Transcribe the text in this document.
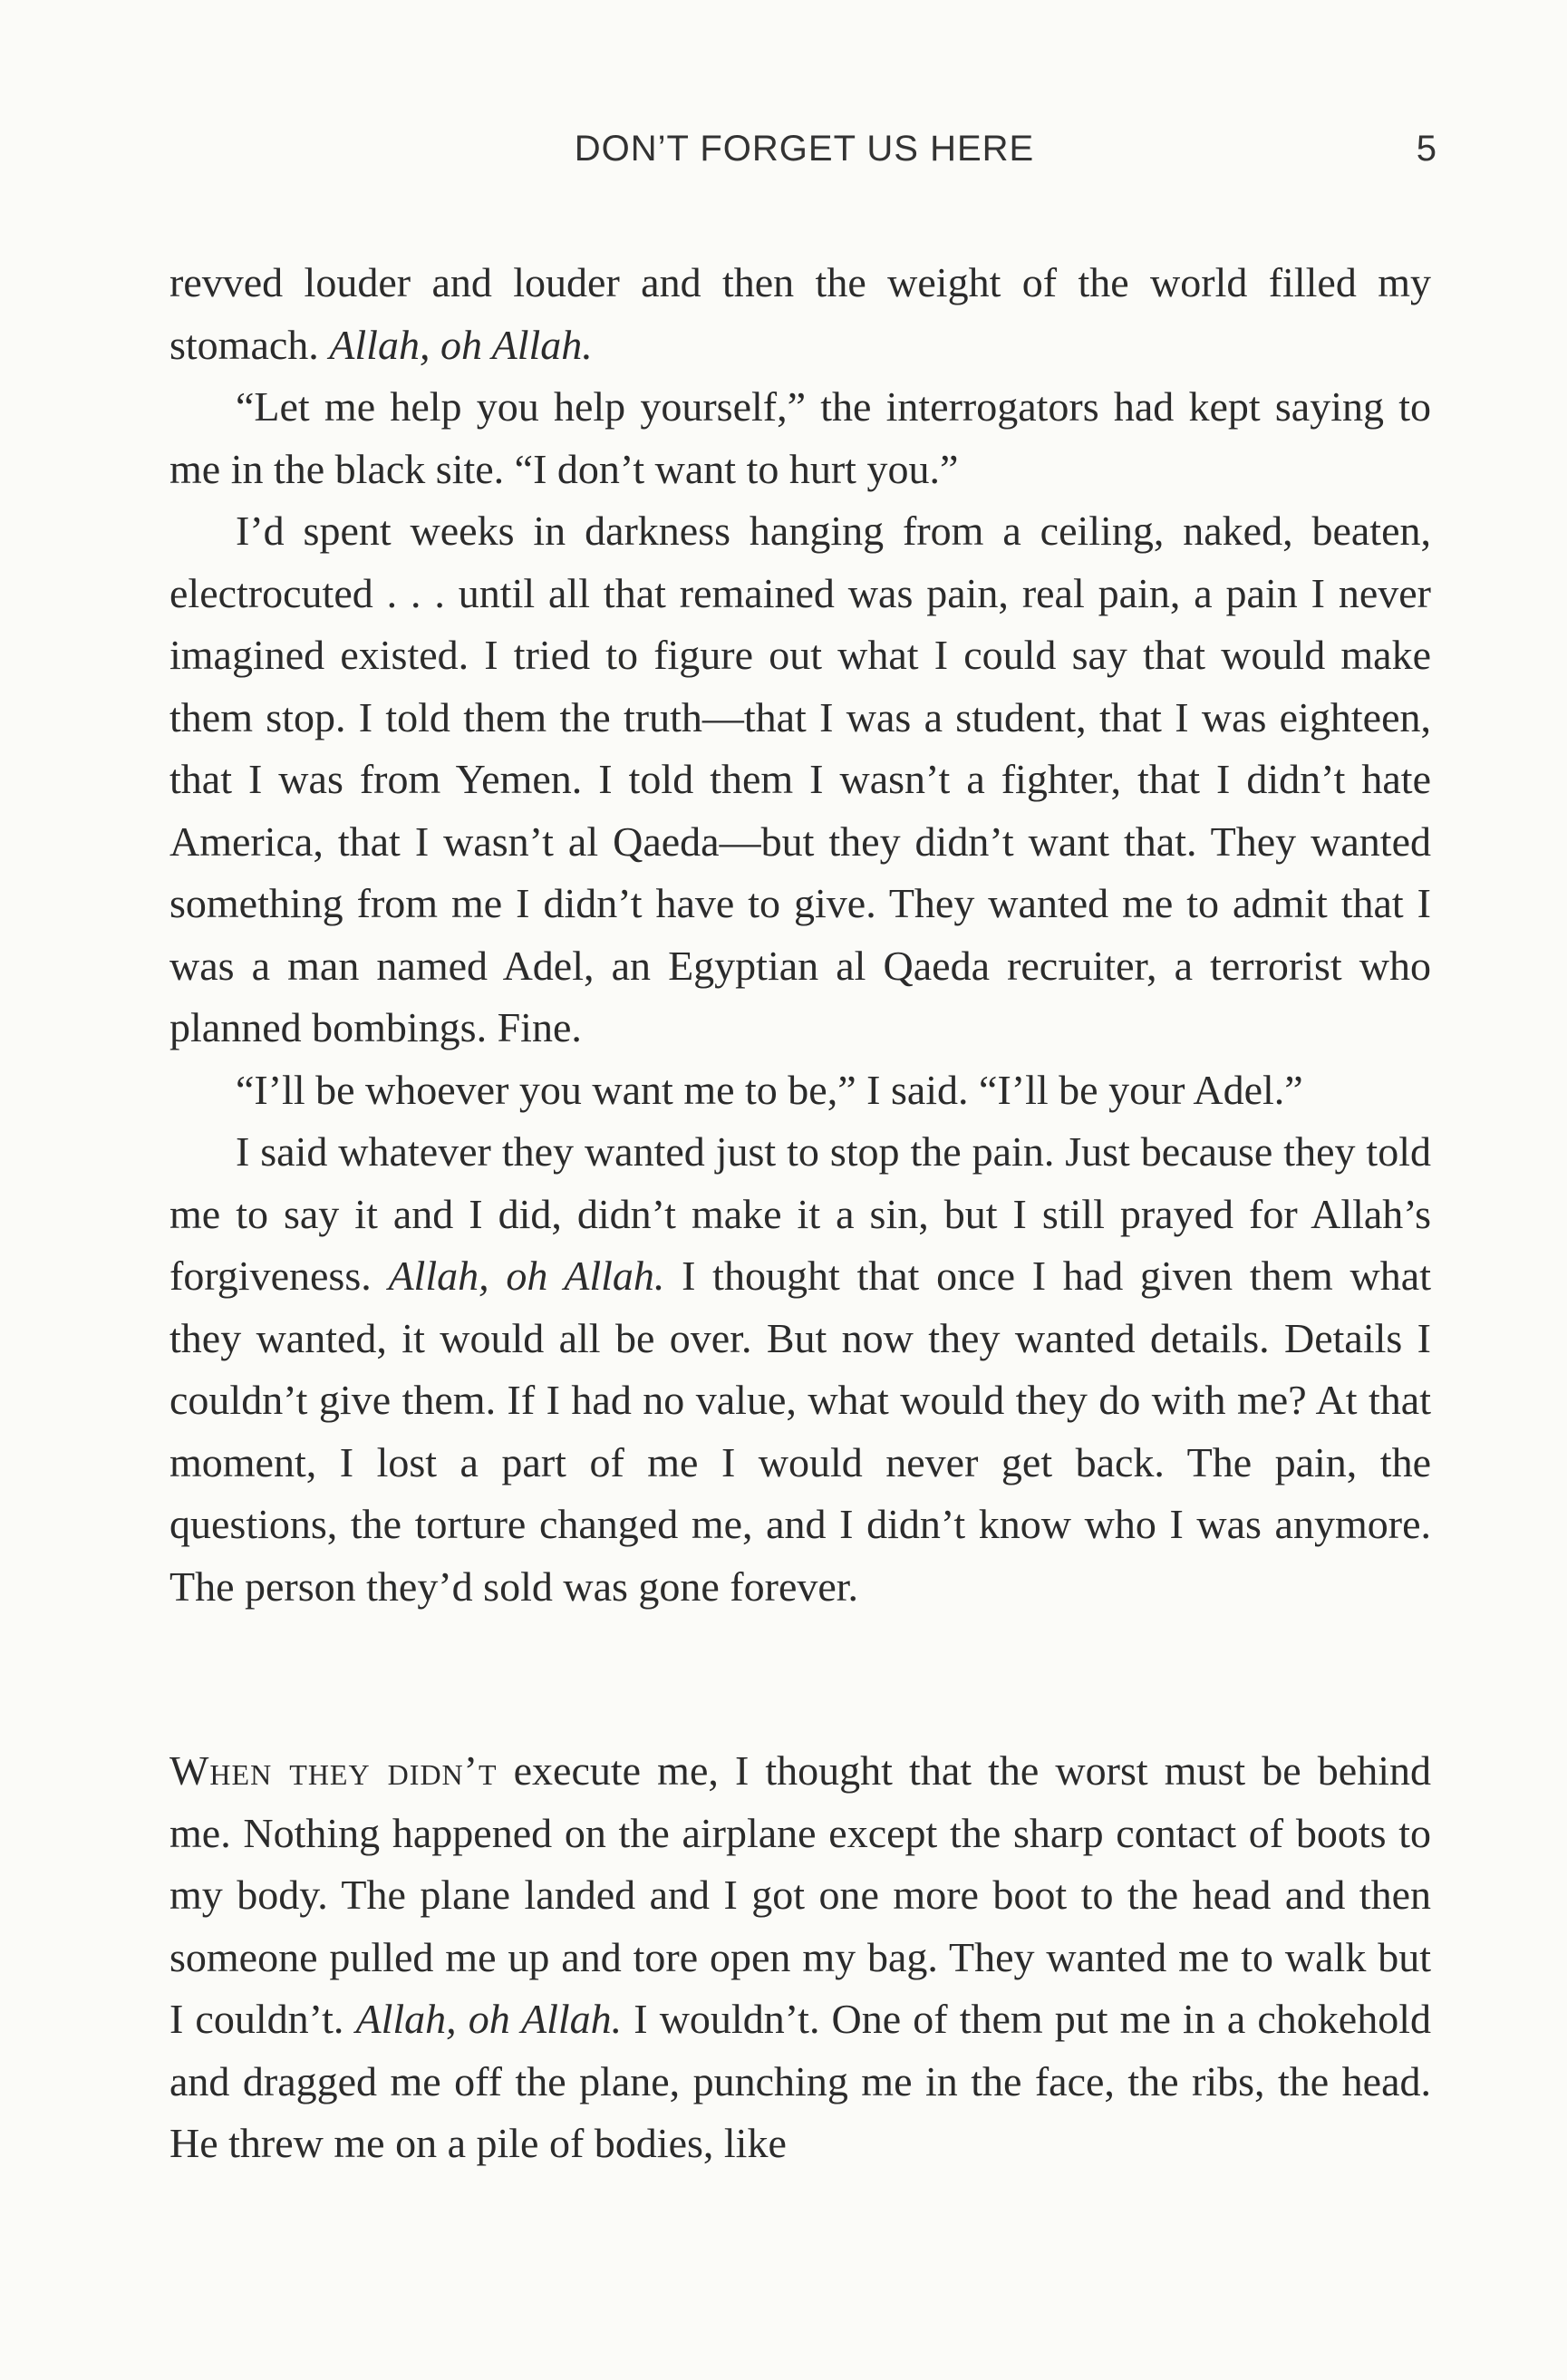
DON’T FORGET US HERE	5

revved louder and louder and then the weight of the world filled my stomach. Allah, oh Allah.

“Let me help you help yourself,” the interrogators had kept saying to me in the black site. “I don’t want to hurt you.”

I’d spent weeks in darkness hanging from a ceiling, naked, beaten, electrocuted . . . until all that remained was pain, real pain, a pain I never imagined existed. I tried to figure out what I could say that would make them stop. I told them the truth—that I was a student, that I was eighteen, that I was from Yemen. I told them I wasn’t a fighter, that I didn’t hate America, that I wasn’t al Qaeda—but they didn’t want that. They wanted something from me I didn’t have to give. They wanted me to admit that I was a man named Adel, an Egyptian al Qaeda recruiter, a terrorist who planned bombings. Fine.

“I’ll be whoever you want me to be,” I said. “I’ll be your Adel.”

I said whatever they wanted just to stop the pain. Just because they told me to say it and I did, didn’t make it a sin, but I still prayed for Allah’s forgiveness. Allah, oh Allah. I thought that once I had given them what they wanted, it would all be over. But now they wanted details. Details I couldn’t give them. If I had no value, what would they do with me? At that moment, I lost a part of me I would never get back. The pain, the questions, the torture changed me, and I didn’t know who I was anymore. The person they’d sold was gone forever.

When they didn’t execute me, I thought that the worst must be behind me. Nothing happened on the airplane except the sharp contact of boots to my body. The plane landed and I got one more boot to the head and then someone pulled me up and tore open my bag. They wanted me to walk but I couldn’t. Allah, oh Allah. I wouldn’t. One of them put me in a chokehold and dragged me off the plane, punching me in the face, the ribs, the head. He threw me on a pile of bodies, like
